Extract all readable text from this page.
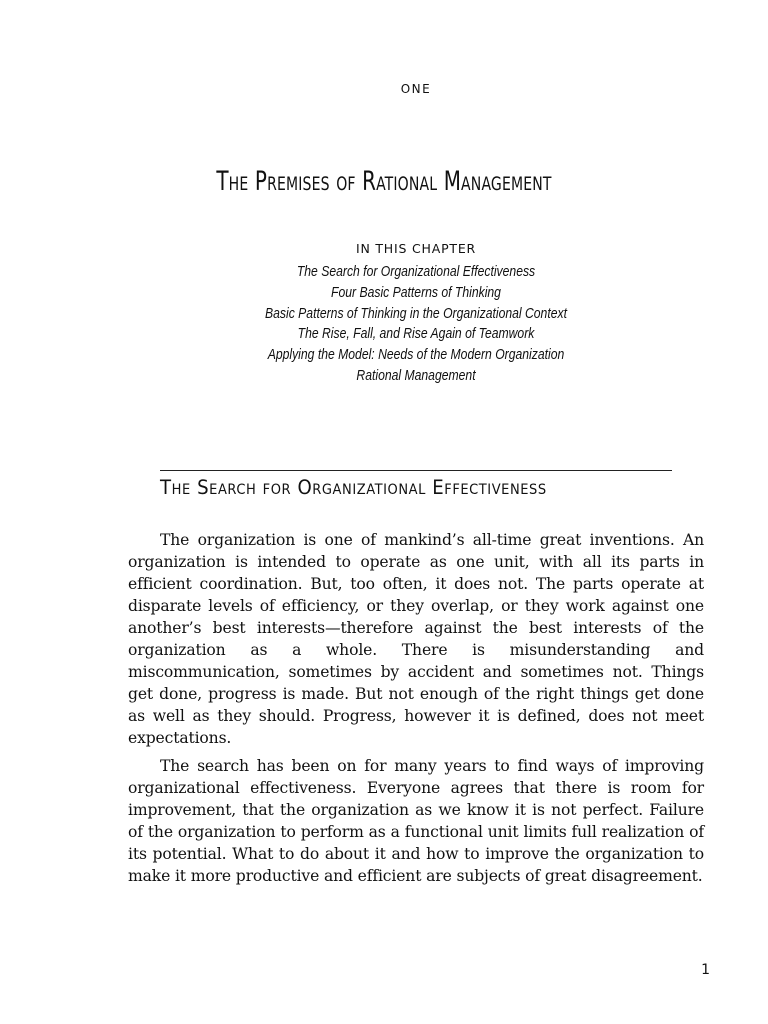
ONE
The Premises of Rational Management
IN THIS CHAPTER
The Search for Organizational Effectiveness
Four Basic Patterns of Thinking
Basic Patterns of Thinking in the Organizational Context
The Rise, Fall, and Rise Again of Teamwork
Applying the Model: Needs of the Modern Organization
Rational Management
The Search for Organizational Effectiveness

The organization is one of mankind’s all-time great inventions. An organization is intended to operate as one unit, with all its parts in efficient coordination. But, too often, it does not. The parts operate at disparate levels of efficiency, or they overlap, or they work against one another’s best interests—therefore against the best interests of the organization as a whole. There is misunderstanding and miscommunication, sometimes by accident and sometimes not. Things get done, progress is made. But not enough of the right things get done as well as they should. Progress, however it is defined, does not meet expectations.

The search has been on for many years to find ways of improving organizational effectiveness. Everyone agrees that there is room for improvement, that the organization as we know it is not perfect. Failure of the organization to perform as a functional unit limits full realization of its potential. What to do about it and how to improve the organization to make it more productive and efficient are subjects of great disagreement.

1
